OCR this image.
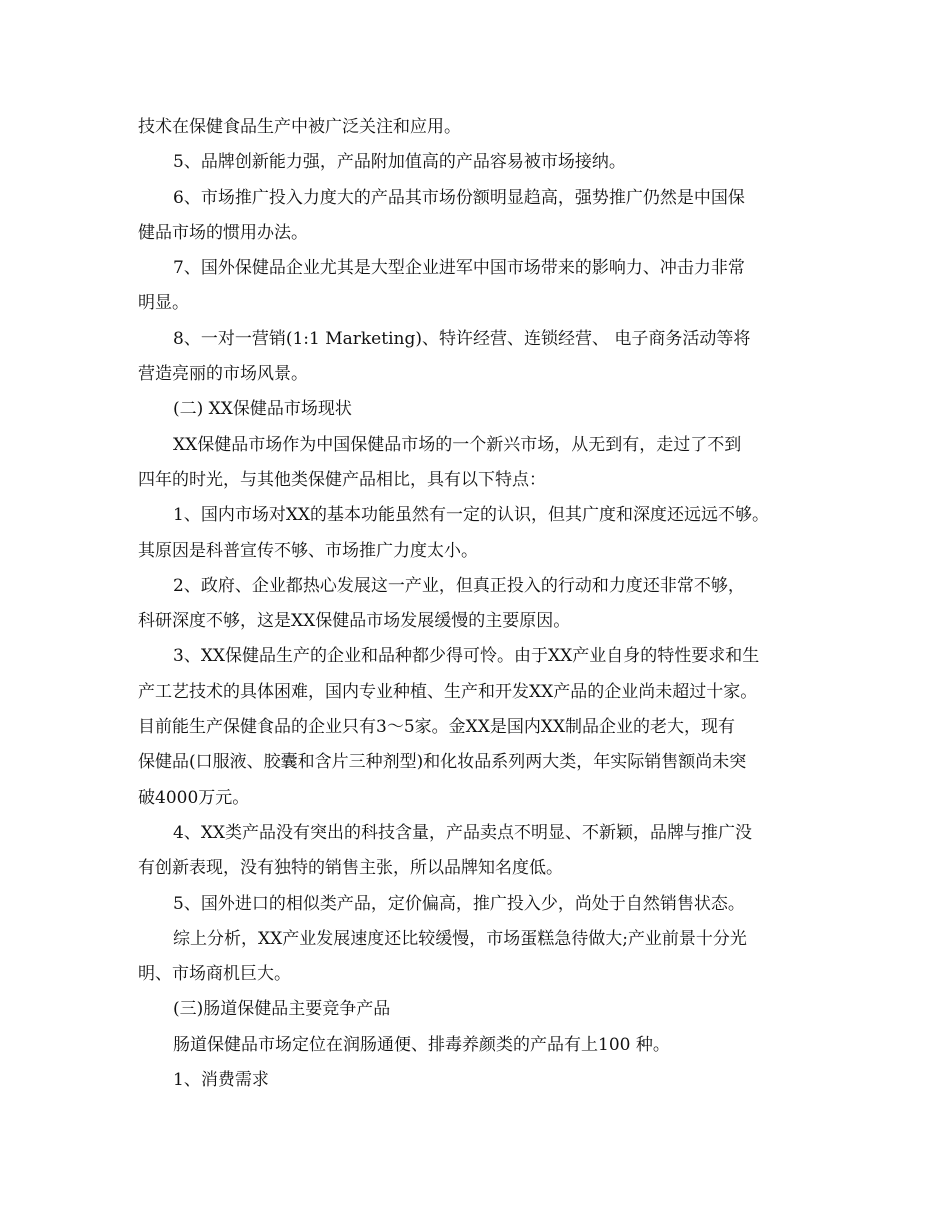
技术在保健食品生产中被广泛关注和应用。
5、品牌创新能力强，产品附加值高的产品容易被市场接纳。
6、市场推广投入力度大的产品其市场份额明显趋高，强势推广仍然是中国保
健品市场的惯用办法。
7、国外保健品企业尤其是大型企业进军中国市场带来的影响力、冲击力非常
明显。
8、一对一营销(1:1 Marketing)、特许经营、连锁经营、 电子商务活动等将
营造亮丽的市场风景。
(二) XX保健品市场现状
XX保健品市场作为中国保健品市场的一个新兴市场，从无到有，走过了不到
四年的时光，与其他类保健产品相比，具有以下特点：
1、国内市场对XX的基本功能虽然有一定的认识，但其广度和深度还远远不够。
其原因是科普宣传不够、市场推广力度太小。
2、政府、企业都热心发展这一产业，但真正投入的行动和力度还非常不够，
科研深度不够，这是XX保健品市场发展缓慢的主要原因。
3、XX保健品生产的企业和品种都少得可怜。由于XX产业自身的特性要求和生
产工艺技术的具体困难，国内专业种植、生产和开发XX产品的企业尚未超过十家。
目前能生产保健食品的企业只有3～5家。金XX是国内XX制品企业的老大，现有
保健品(口服液、胶囊和含片三种剂型)和化妆品系列两大类，年实际销售额尚未突
破4000万元。
4、XX类产品没有突出的科技含量，产品卖点不明显、不新颖，品牌与推广没
有创新表现，没有独特的销售主张，所以品牌知名度低。
5、国外进口的相似类产品，定价偏高，推广投入少，尚处于自然销售状态。
综上分析，XX产业发展速度还比较缓慢，市场蛋糕急待做大;产业前景十分光
明、市场商机巨大。
(三)肠道保健品主要竞争产品
肠道保健品市场定位在润肠通便、排毒养颜类的产品有上100 种。
1、消费需求
